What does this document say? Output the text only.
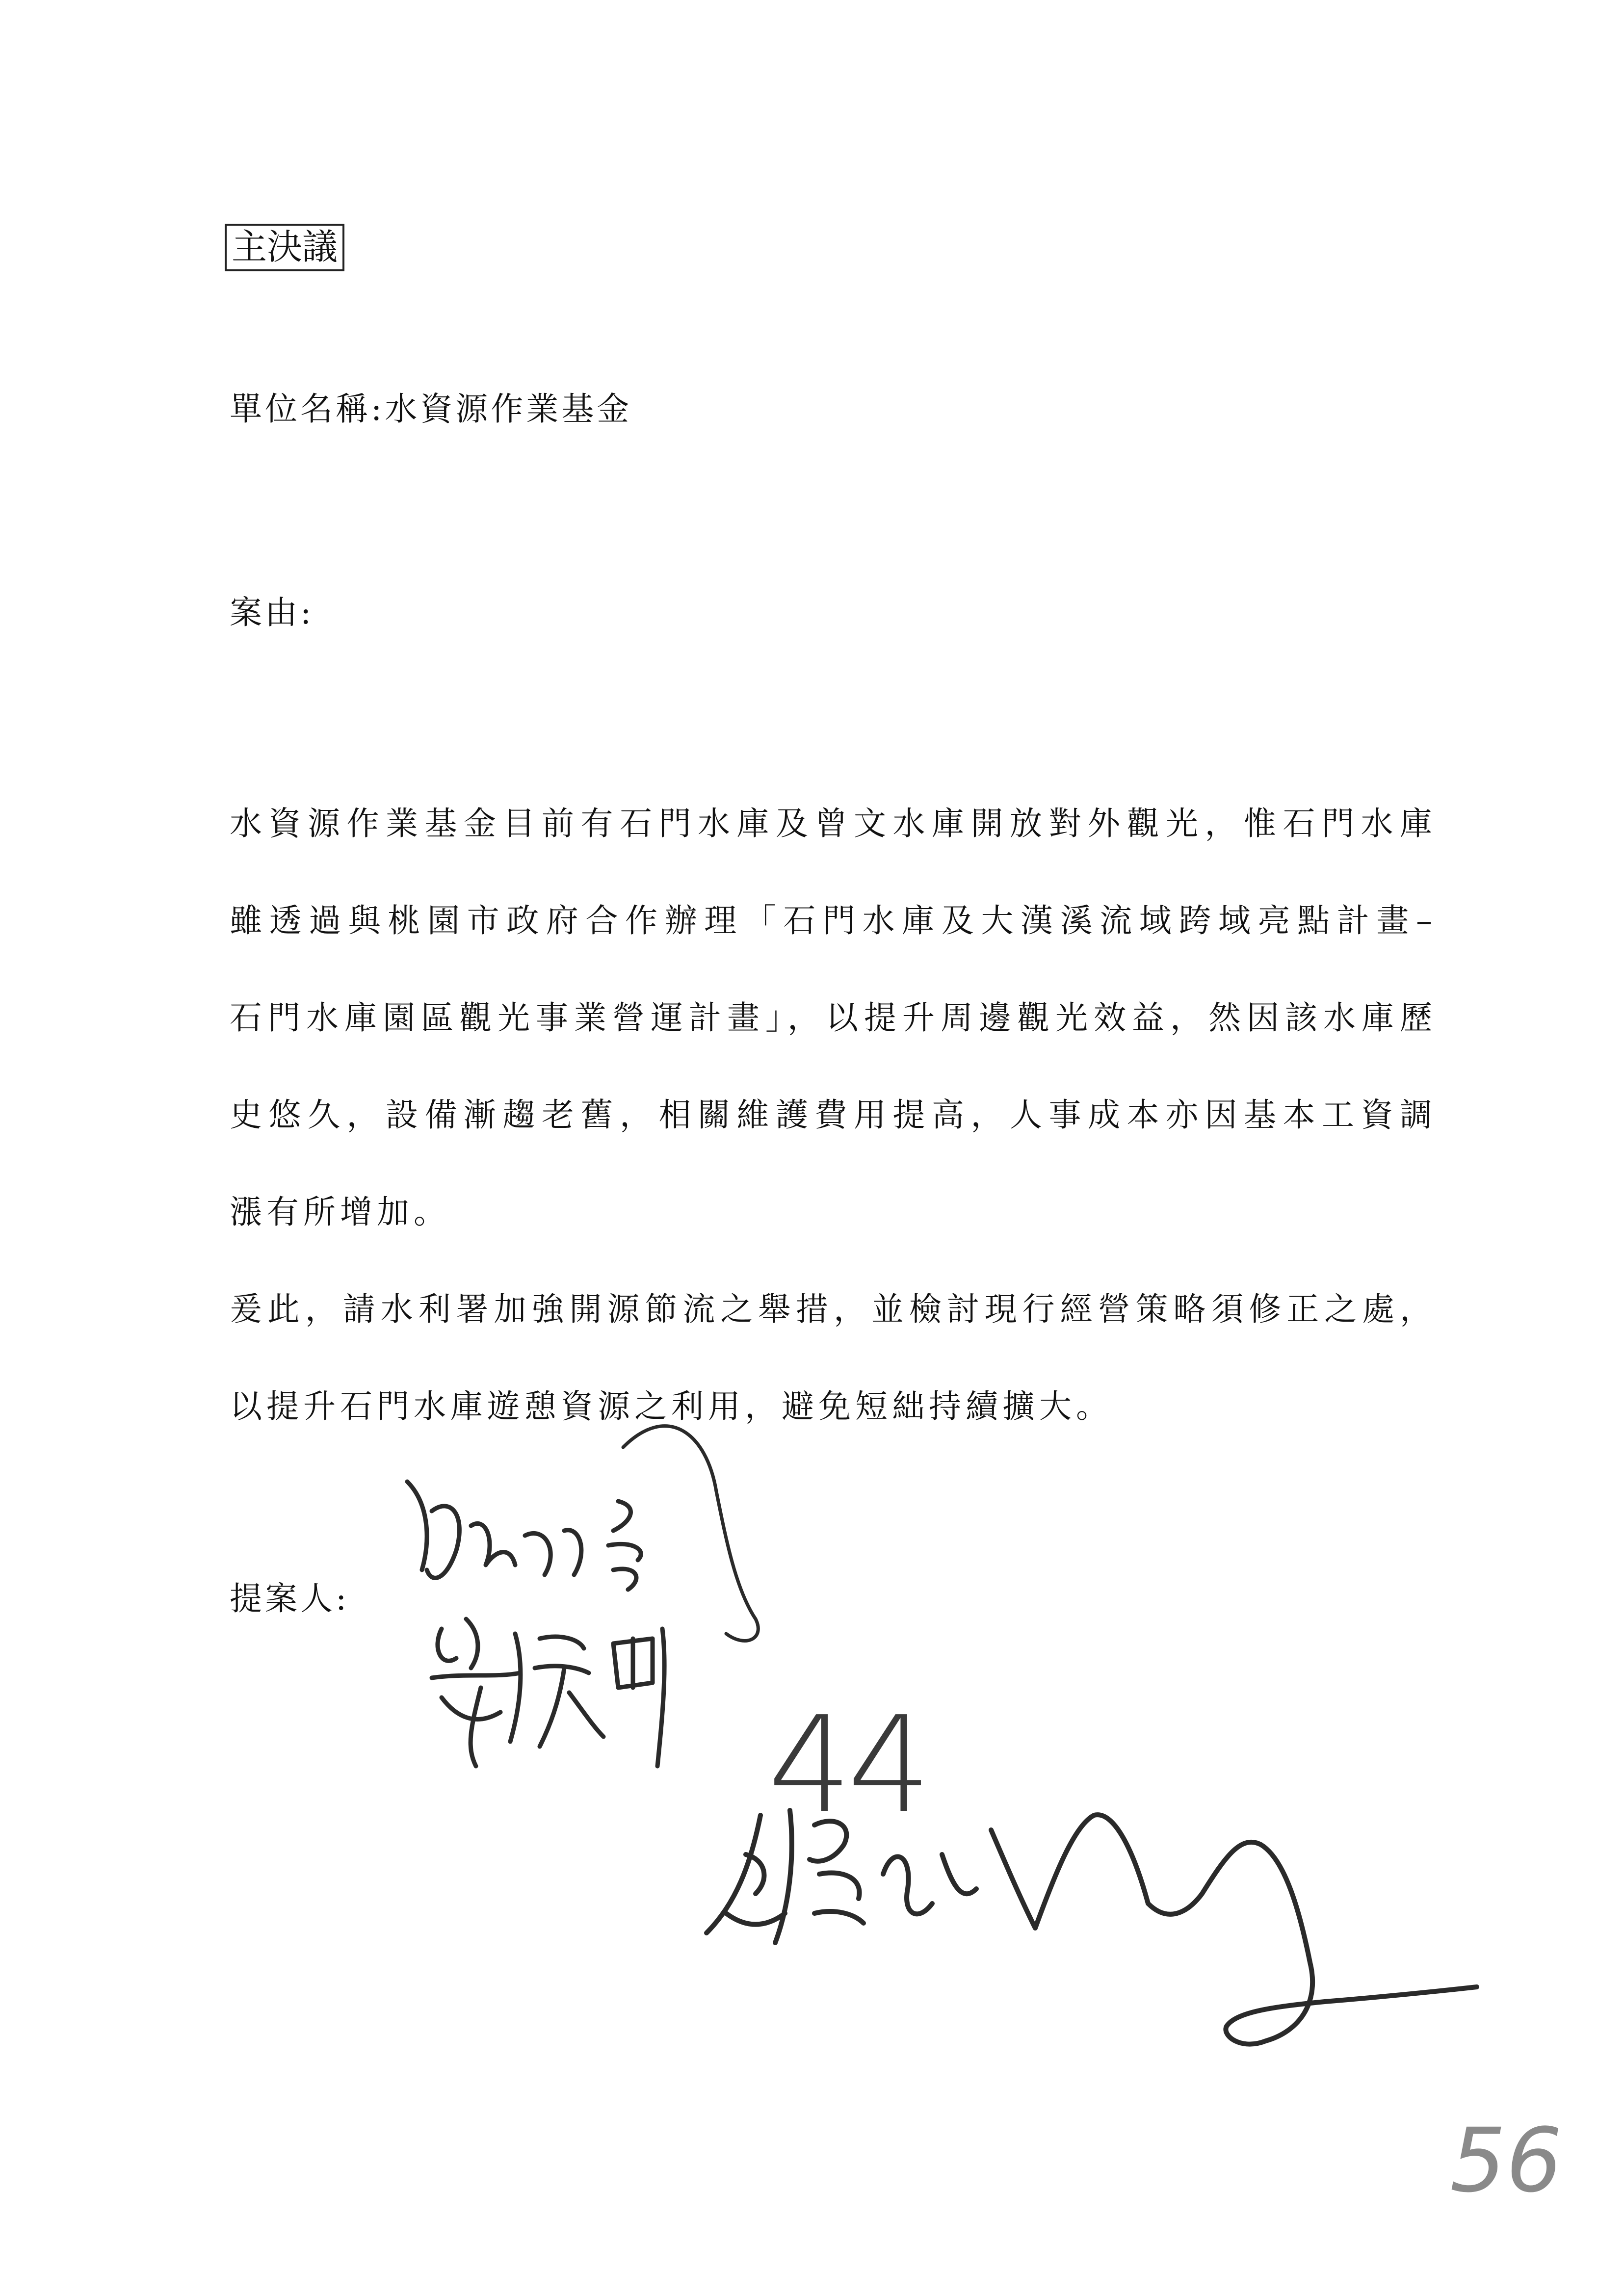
主決議
單位名稱:水資源作業基金
案由:

水資源作業基金目前有石門水庫及曾文水庫開放對外觀光，惟石門水庫

雖透過與桃園市政府合作辦理「石門水庫及大漢溪流域跨域亮點計畫–

石門水庫園區觀光事業營運計畫」，以提升周邊觀光效益，然因該水庫歷

史悠久，設備漸趨老舊，相關維護費用提高，人事成本亦因基本工資調

漲有所增加。

爰此，請水利署加強開源節流之舉措，並檢討現行經營策略須修正之處，

以提升石門水庫遊憩資源之利用，避免短絀持續擴大。

提案人:
44
56
